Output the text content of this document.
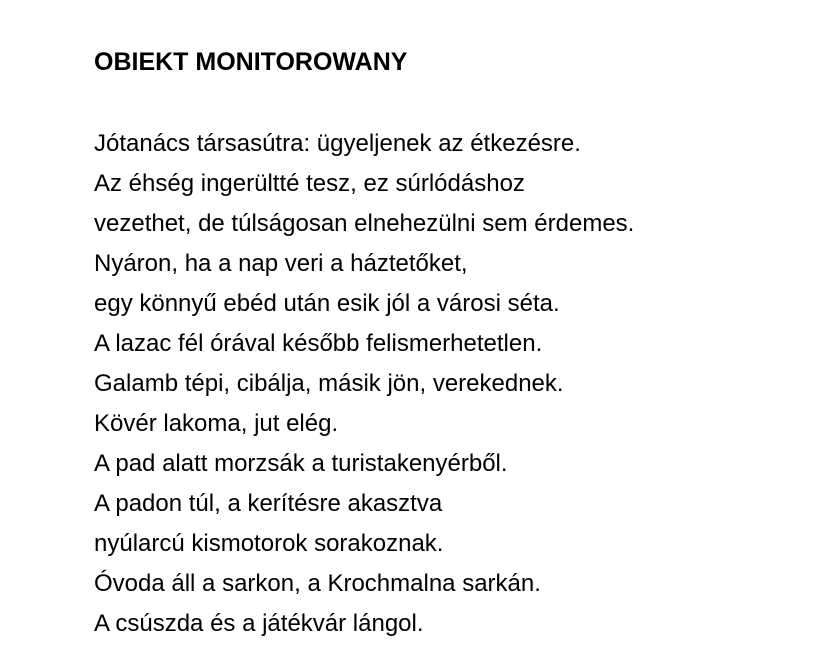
OBIEKT MONITOROWANY
Jótanács társasútra: ügyeljenek az étkezésre.
Az éhség ingerültté tesz, ez súrlódáshoz
vezethet, de túlságosan elnehezülni sem érdemes.
Nyáron, ha a nap veri a háztetőket,
egy könnyű ebéd után esik jól a városi séta.
A lazac fél órával később felismerhetetlen.
Galamb tépi, cibálja, másik jön, verekednek.
Kövér lakoma, jut elég.
A pad alatt morzsák a turistakenyérből.
A padon túl, a kerítésre akasztva
nyúlarcú kismotorok sorakoznak.
Óvoda áll a sarkon, a Krochmalna sarkán.
A csúszda és a játékvár lángol.
